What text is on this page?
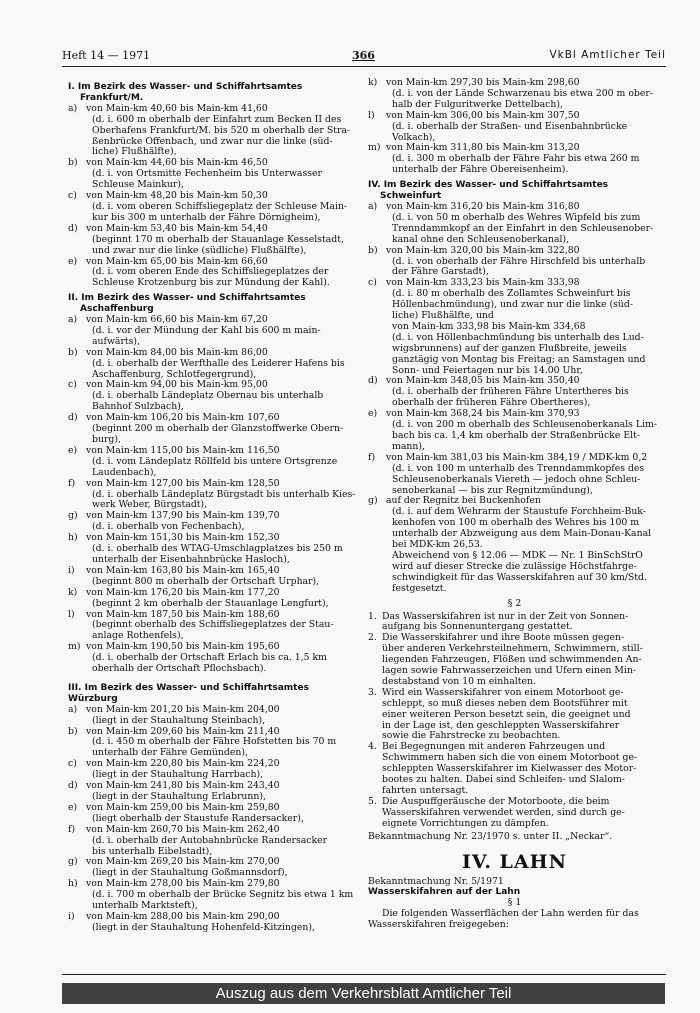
Heft 14 — 1971	366	VkBl Amtlicher Teil
I. Im Bezirk des Wasser- und Schiffahrtsamtes
Frankfurt/M.
a) von Main-km 40,60 bis Main-km 41,60
(d. i. 600 m oberhalb der Einfahrt zum Becken II des
Oberhafens Frankfurt/M. bis 520 m oberhalb der Stra-
ßenbrücke Offenbach, und zwar nur die linke (süd-
liche) Flußhälfte),
b) von Main-km 44,60 bis Main-km 46,50
(d. i. von Ortsmitte Fechenheim bis Unterwasser
Schleuse Mainkur),
c) von Main-km 48,20 bis Main-km 50,30
(d. i. vom oberen Schiffsliegeplatz der Schleuse Main-
kur bis 300 m unterhalb der Fähre Dörnigheim),
d) von Main-km 53,40 bis Main-km 54,40
(beginnt 170 m oberhalb der Stauanlage Kesselstadt,
und zwar nur die linke (südliche) Flußhälfte),
e) von Main-km 65,00 bis Main-km 66,60
(d. i. vom oberen Ende des Schiffsliegeplatzes der
Schleuse Krotzenburg bis zur Mündung der Kahl).
II. Im Bezirk des Wasser- und Schiffahrtsamtes
Aschaffenburg
a) von Main-km 66,60 bis Main-km 67,20
(d. i. vor der Mündung der Kahl bis 600 m main-
aufwärts),
b) von Main-km 84,00 bis Main-km 86,00
(d. i. oberhalb der Werfthalle des Leiderer Hafens bis
Aschaffenburg, Schlotfegergrund),
c) von Main-km 94,00 bis Main-km 95,00
(d. i. oberhalb Ländeplatz Obernau bis unterhalb
Bahnhof Sulzbach),
d) von Main-km 106,20 bis Main-km 107,60
(beginnt 200 m oberhalb der Glanzstoffwerke Obern-
burg),
e) von Main-km 115,00 bis Main-km 116,50
(d. i. vom Ländeplatz Röllfeld bis untere Ortsgrenze
Laudenbach),
f)	von Main-km 127,00 bis Main-km 128,50
(d. i. oberhalb Ländeplatz Bürgstadt bis unterhalb Kies-
werk Weber, Bürgstadt),
g) von Main-km 137,90 bis Main-km 139,70
(d. i. oberhalb von Fechenbach),
h) von Main-km 151,30 bis Main-km 152,30
(d. i. oberhalb des WTAG-Umschlagplatzes bis 250 m
unterhalb der Eisenbahnbrücke Hasloch),
i)	von Main-km 163,80 bis Main-km 165,40
(beginnt 800 m oberhalb der Ortschaft Urphar),
k) von Main-km 176,20 bis Main-km 177,20
(beginnt 2 km oberhalb der Stauanlage Lengfurt),
l)	von Main-km 187,50 bis Main-km 188,60
(beginnt oberhalb des Schiffsliegeplatzes der Stau-
anlage Rothenfels),
m) von Main-km 190,50 bis Main-km 195,60
(d. i. oberhalb der Ortschaft Erlach bis ca. 1,5 km
oberhalb der Ortschaft Pflochsbach).
III. Im Bezirk des Wasser- und Schiffahrtsamtes Würzburg
a) von Main-km 201,20 bis Main-km 204,00
(liegt in der Stauhaltung Steinbach),
b) von Main-km 209,60 bis Main-km 211,40
(d. i. 450 m oberhalb der Fähre Hofstetten bis 70 m
unterhalb der Fähre Gemünden),
c) von Main-km 220,80 bis Main-km 224,20
(liegt in der Stauhaltung Harrbach),
d) von Main-km 241,80 bis Main-km 243,40
(liegt in der Stauhaltung Erlabrunn),
e) von Main-km 259,00 bis Main-km 259,80
(liegt oberhalb der Staustufe Randersacker),
f)	von Main-km 260,70 bis Main-km 262,40
(d. i. oberhalb der Autobahnbrücke Randersacker
bis unterhalb Eibelstadt),
g) von Main-km 269,20 bis Main-km 270,00
(liegt in der Stauhaltung Goßmannsdorf),
h) von Main-km 278,00 bis Main-km 279,80
(d. i. 700 m oberhalb der Brücke Segnitz bis etwa 1 km
unterhalb Marktsteft),
i)	von Main-km 288,00 bis Main-km 290,00
(liegt in der Stauhaltung Hohenfeld-Kitzingen),
k) von Main-km 297,30 bis Main-km 298,60
(d. i. von der Lände Schwarzenau bis etwa 200 m ober-
halb der Fulguritwerke Dettelbach),
l)	von Main-km 306,00 bis Main-km 307,50
(d. i. oberhalb der Straßen- und Eisenbahnbrücke
Volkach),
m) von Main-km 311,80 bis Main-km 313,20
(d. i. 300 m oberhalb der Fähre Fahr bis etwa 260 m
unterhalb der Fähre Obereisenheim).
IV. Im Bezirk des Wasser- und Schiffahrtsamtes
Schweinfurt
a) von Main-km 316,20 bis Main-km 316,80
(d. i. von 50 m oberhalb des Wehres Wipfeld bis zum
Trenndammkopf an der Einfahrt in den Schleusenober-
kanal ohne den Schleusenoberkanal),
b) von Main-km 320,00 bis Main-km 322,80
(d. i. von oberhalb der Fähre Hirschfeld bis unterhalb
der Fähre Garstadt),
c) von Main-km 333,23 bis Main-km 333,98
(d. i. 80 m oberhalb des Zollamtes Schweinfurt bis
Höllenbachmündung), und zwar nur die linke (süd-
liche) Flußhälfte, und
von Main-km 333,98 bis Main-km 334,68
(d. i. von Höllenbachmündung bis unterhalb des Lud-
wigsbrunnens) auf der ganzen Flußbreite, jeweils
ganztägig von Montag bis Freitag; an Samstagen und
Sonn- und Feiertagen nur bis 14.00 Uhr,
d) von Main-km 348,05 bis Main-km 350,40
(d. i. oberhalb der früheren Fähre Untertheres bis
oberhalb der früheren Fähre Obertheres),
e) von Main-km 368,24 bis Main-km 370,93
(d. i. von 200 m oberhalb des Schleusenoberkanals Lim-
bach bis ca. 1,4 km oberhalb der Straßenbrücke Elt-
mann),
f)	von Main-km 381,03 bis Main-km 384,19 / MDK-km 0,2
(d. i. von 100 m unterhalb des Trenndammkopfes des
Schleusenoberkanals Viereth — jedoch ohne Schleu-
senoberkanal — bis zur Regnitzmündung),
g) auf der Regnitz bei Buckenhofen
(d. i. auf dem Wehrarm der Staustufe Forchheim-Buk-
kenhofen von 100 m oberhalb des Wehres bis 100 m
unterhalb der Abzweigung aus dem Main-Donau-Kanal
bei MDK-km 26,53.
Abweichend von § 12.06 — MDK — Nr. 1 BinSchStrO
wird auf dieser Strecke die zulässige Höchstfahrge-
schwindigkeit für das Wasserskifahren auf 30 km/Std.
festgesetzt.
§ 2
1. Das Wasserskifahren ist nur in der Zeit von Sonnen-
aufgang bis Sonnenuntergang gestattet.
2. Die Wasserskifahrer und ihre Boote müssen gegen-
über anderen Verkehrsteilnehmern, Schwimmern, still-
liegenden Fahrzeugen, Flößen und schwimmenden An-
lagen sowie Fahrwasserzeichen und Ufern einen Min-
destabstand von 10 m einhalten.
3. Wird ein Wasserskifahrer von einem Motorboot ge-
schleppt, so muß dieses neben dem Bootsführer mit
einer weiteren Person besetzt sein, die geeignet und
in der Lage ist, den geschleppten Wasserskifahrer
sowie die Fahrstrecke zu beobachten.
4. Bei Begegnungen mit anderen Fahrzeugen und
Schwimmern haben sich die von einem Motorboot ge-
schleppten Wasserskifahrer im Kielwasser des Motor-
bootes zu halten. Dabei sind Schleifen- und Slalom-
fahrten untersagt.
5. Die Auspuffgeräusche der Motorboote, die beim
Wasserskifahren verwendet werden, sind durch ge-
eignete Vorrichtungen zu dämpfen.
Bekanntmachung Nr. 23/1970 s. unter II. „Neckar“.
IV. LAHN
Bekanntmachung Nr. 5/1971
Wasserskifahren auf der Lahn
§ 1
Die folgenden Wasserflächen der Lahn werden für das
Wasserskifahren freigegeben:
Auszug aus dem Verkehrsblatt Amtlicher Teil
